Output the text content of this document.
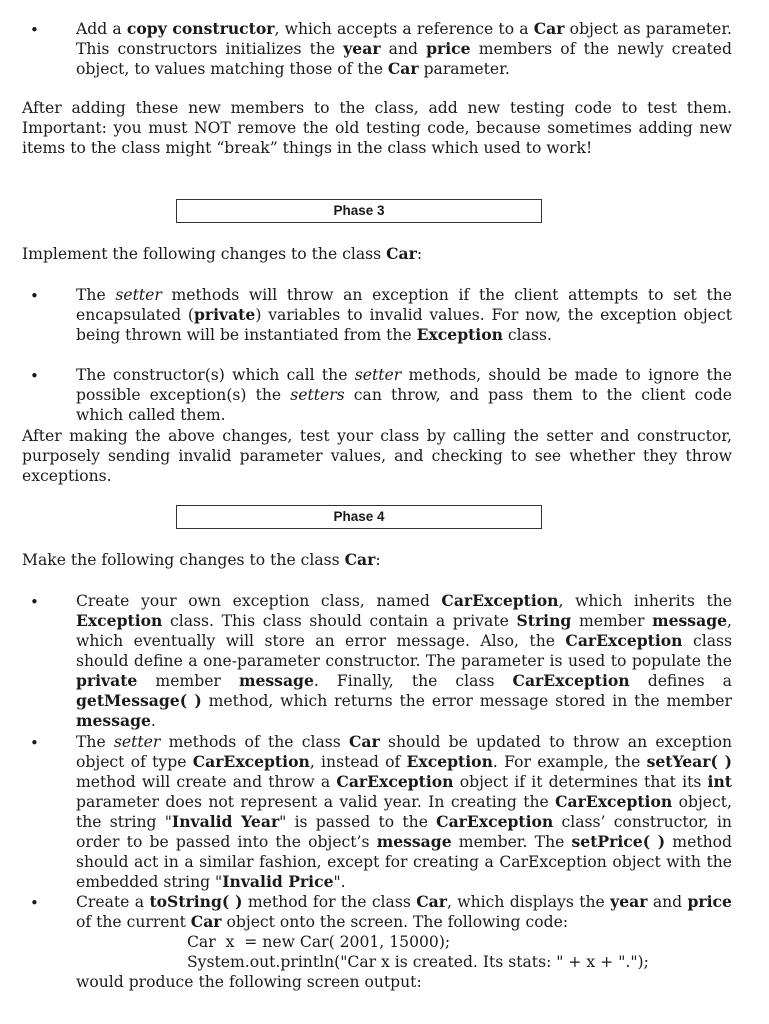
• Add a copy constructor, which accepts a reference to a Car object as parameter. This constructors initializes the year and price members of the newly created object, to values matching those of the Car parameter.
After adding these new members to the class, add new testing code to test them. Important: you must NOT remove the old testing code, because sometimes adding new items to the class might “break” things in the class which used to work!
Phase 3
Implement the following changes to the class Car:
• The setter methods will throw an exception if the client attempts to set the encapsulated (private) variables to invalid values. For now, the exception object being thrown will be instantiated from the Exception class.
• The constructor(s) which call the setter methods, should be made to ignore the possible exception(s) the setters can throw, and pass them to the client code which called them.
After making the above changes, test your class by calling the setter and constructor, purposely sending invalid parameter values, and checking to see whether they throw exceptions.
Phase 4
Make the following changes to the class Car:
• Create your own exception class, named CarException, which inherits the Exception class. This class should contain a private String member message, which eventually will store an error message. Also, the CarException class should define a one-parameter constructor. The parameter is used to populate the private member message. Finally, the class CarException defines a getMessage( ) method, which returns the error message stored in the member message.
• The setter methods of the class Car should be updated to throw an exception object of type CarException, instead of Exception. For example, the setYear( ) method will create and throw a CarException object if it determines that its int parameter does not represent a valid year. In creating the CarException object, the string "Invalid Year" is passed to the CarException class’ constructor, in order to be passed into the object’s message member. The setPrice( ) method should act in a similar fashion, except for creating a CarException object with the embedded string "Invalid Price".
• Create a toString( ) method for the class Car, which displays the year and price of the current Car object onto the screen. The following code:
Car  x  = new Car( 2001, 15000);
System.out.println("Car x is created. Its stats: " + x + ".");
would produce the following screen output:
